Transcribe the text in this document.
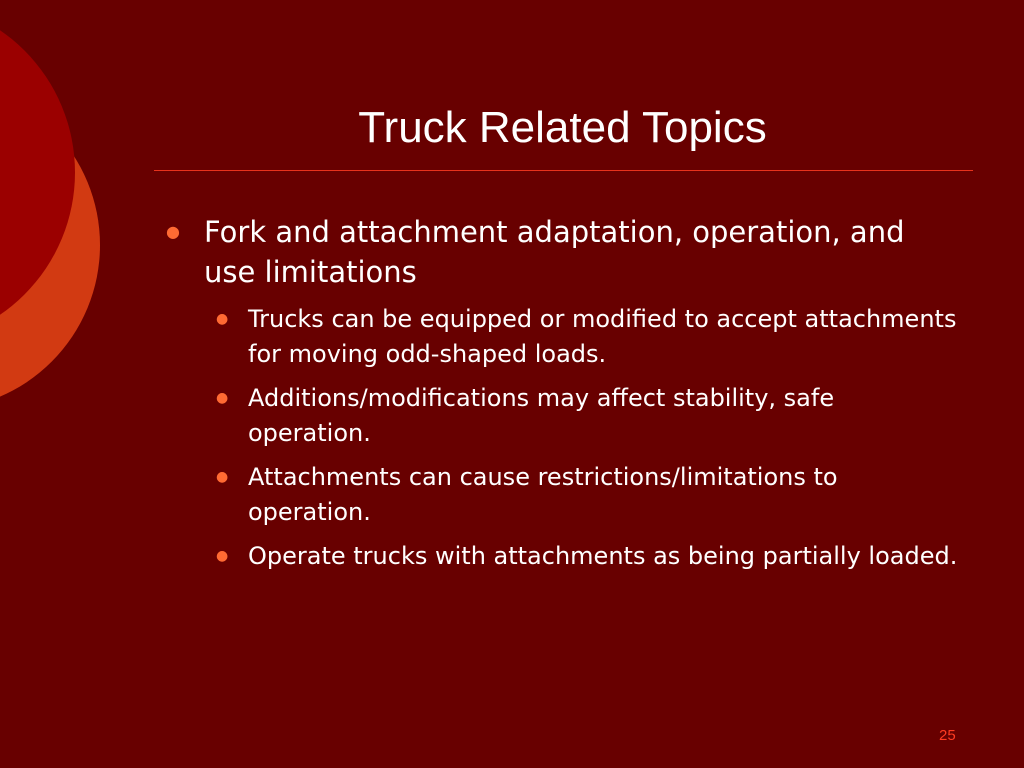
Truck Related Topics
● Fork and attachment adaptation, operation, and use limitations
● Trucks can be equipped or modified to accept attachments for moving odd-shaped loads.
● Additions/modifications may affect stability, safe operation.
● Attachments can cause restrictions/limitations to operation.
● Operate trucks with attachments as being partially loaded.
25
